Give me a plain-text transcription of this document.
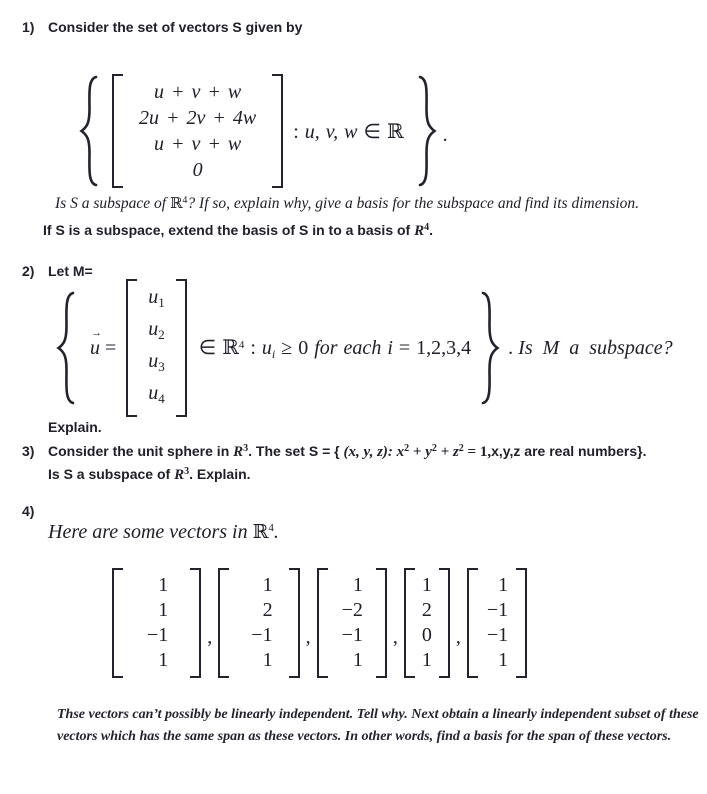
1) Consider the set of vectors S given by
u + v + w
2u + 2v + 4w
u + v + w
0
: u, v, w ∈ ℝ .
Is S a subspace of ℝ$^4$? If so, explain why, give a basis for the subspace and find its dimension.
If S is a subspace, extend the basis of S in to a basis of $R^4$.
2) Let M=
→
u =
$u_1$
$u_2$
$u_3$
$u_4$
∈ ℝ$^4$ : $u_i \ge 0$ for each i = 1,2,3,4 . Is M a subspace?
Explain.
3) Consider the unit sphere in $R^3$. The set S = { (x, y, z): $x^2 + y^2 + z^2 = 1,x,y,z$ are real numbers}.
Is S a subspace of $R^3$. Explain.
4)
Here are some vectors in ℝ$^4$.
1
1
−1
1
,
1
2
−1
1
,
1
−2
−1
1
,
1
2
0
1
,
1
−1
−1
1
Thse vectors can’t possibly be linearly independent. Tell why. Next obtain a linearly independent subset of these vectors which has the same span as these vectors. In other words, find a basis for the span of these vectors.
